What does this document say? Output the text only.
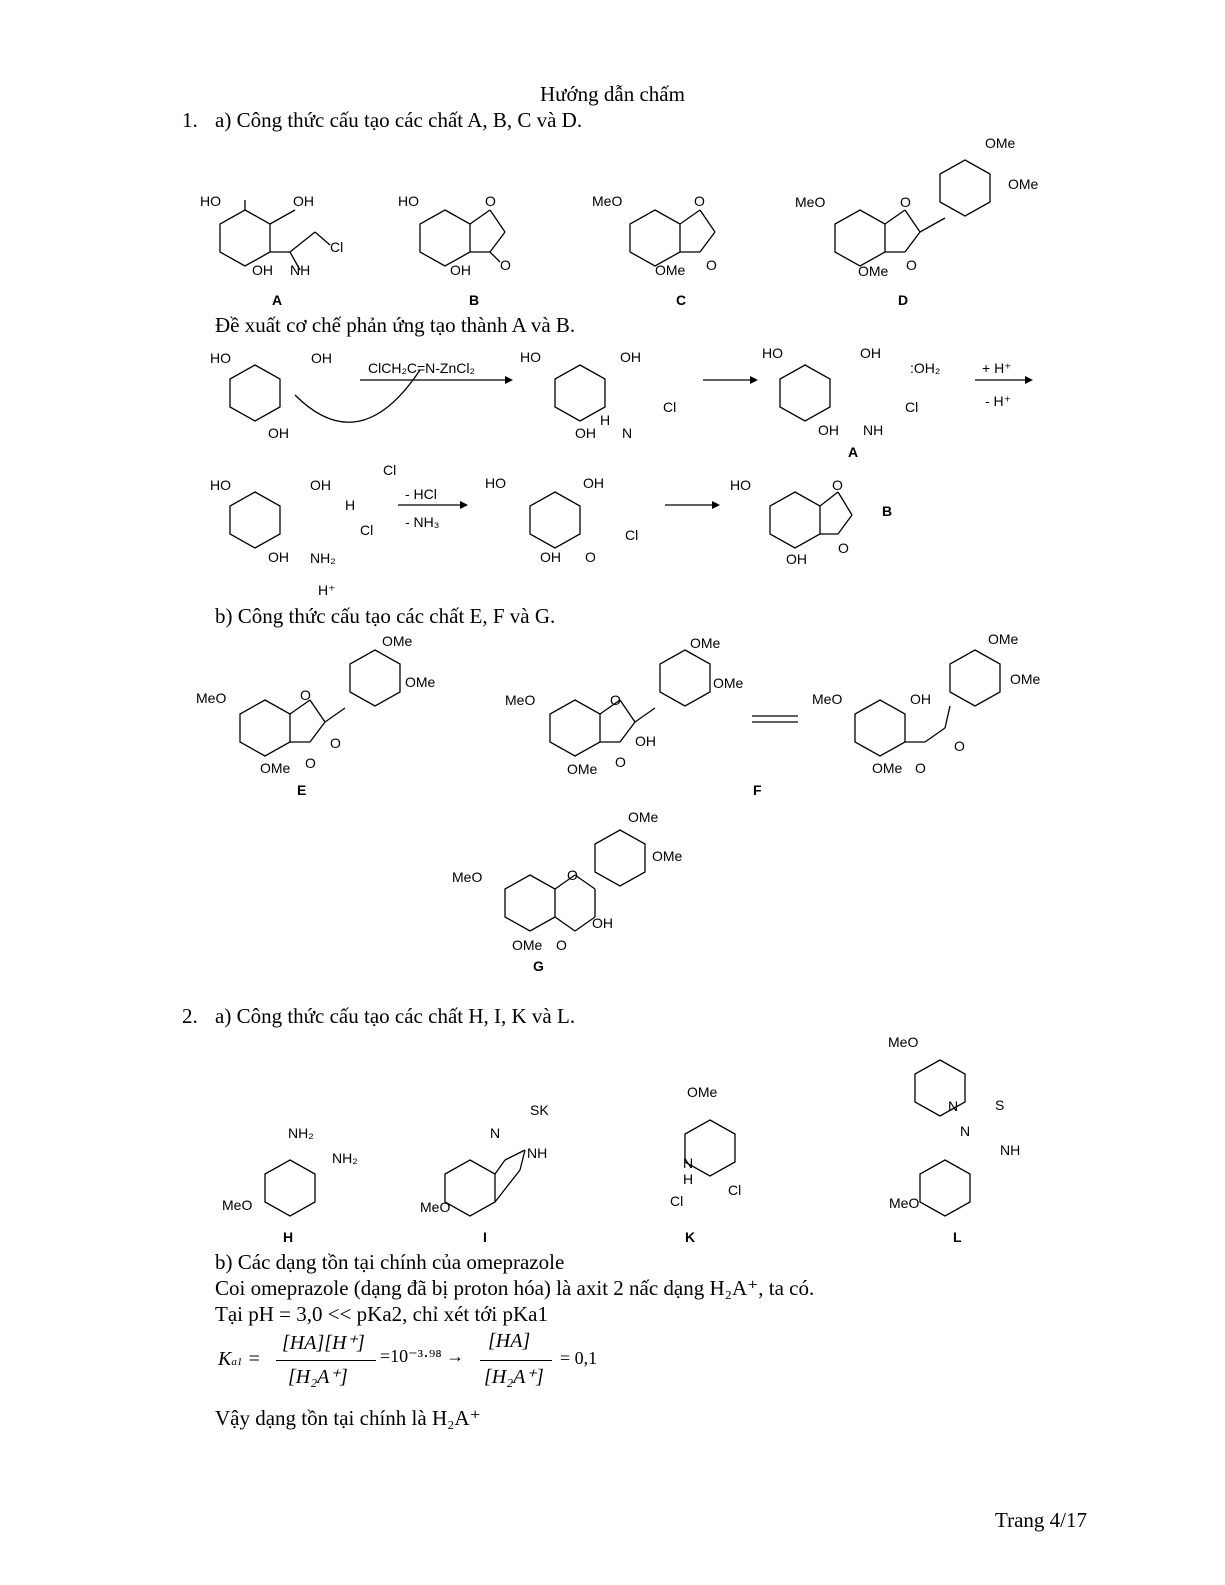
Hướng dẫn chấm
1. a) Công thức cấu tạo các chất A, B, C và D.
HO	OH
OH NH
Cl
HO	O
OH O
MeO	O
OMe O
MeO	O
OMe O
OMe
OMe
A	B	C	D
Đề xuất cơ chế phản ứng tạo thành A và B.
HO	OH
OH
HO	OH
OH
H
N
Cl
HO	OH
OH NH
:OH₂
Cl
ClCH₂C=N-ZnCl₂	+ H⁺
- H⁺
A
HO	OH
OH NH₂
H
Cl
Cl
H⁺
HO	OH
OH O
Cl
HO	O
OH
O
- HCl
- NH₃
B
b) Công thức cấu tạo các chất E, F và G.
MeO	O
OMe O
O
OMe
OMe
MeO	O
OMe O
OH
OMe
OMe
MeO	OH
OMe O
O
OMe
OMe
MeO	O
OMe O
OH
OMe
OMe
E	F
G
2. a) Công thức cấu tạo các chất H, I, K và L.
NH₂
NH₂
MeO
N
SK
NH
MeO
OMe
N
H
Cl
Cl
MeO
N	S
N
NH
MeO
H	I	K	L
b) Các dạng tồn tại chính của omeprazole
Coi omeprazole (dạng đã bị proton hóa) là axit 2 nấc dạng H₂A⁺, ta có.
Tại pH = 3,0 << pKa2, chỉ xét tới pKa1
Ka1 =
[HA][H⁺]
[H₂A⁺]
=10⁻³·⁹⁸ →
[HA]
[H₂A⁺]
= 0,1
Vậy dạng tồn tại chính là H₂A⁺
Trang 4/17
